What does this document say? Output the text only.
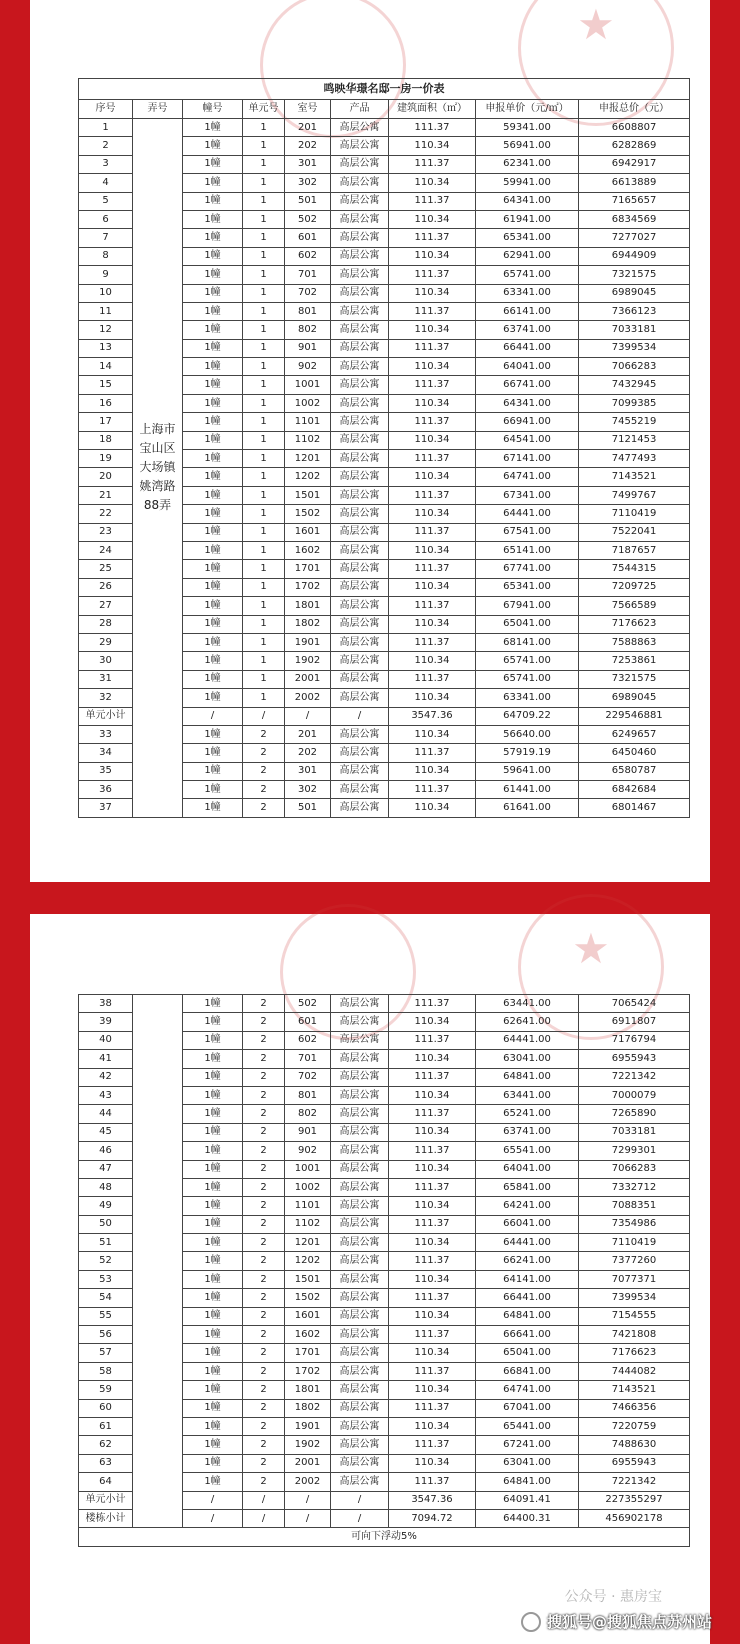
★
鸣映华璟名邸一房一价表								
序号	弄号	幢号	单元号	室号	产品	建筑面积（㎡）	申报单价（元/㎡）	申报总价（元）
1	上海市宝山区大场镇姚湾路88弄	1幢	1	201	高层公寓	111.37	59341.00	6608807
2		1幢	1	202	高层公寓	110.34	56941.00	6282869
3		1幢	1	301	高层公寓	111.37	62341.00	6942917
4		1幢	1	302	高层公寓	110.34	59941.00	6613889
5		1幢	1	501	高层公寓	111.37	64341.00	7165657
6		1幢	1	502	高层公寓	110.34	61941.00	6834569
7		1幢	1	601	高层公寓	111.37	65341.00	7277027
8		1幢	1	602	高层公寓	110.34	62941.00	6944909
9		1幢	1	701	高层公寓	111.37	65741.00	7321575
10		1幢	1	702	高层公寓	110.34	63341.00	6989045
11		1幢	1	801	高层公寓	111.37	66141.00	7366123
12		1幢	1	802	高层公寓	110.34	63741.00	7033181
13		1幢	1	901	高层公寓	111.37	66441.00	7399534
14		1幢	1	902	高层公寓	110.34	64041.00	7066283
15		1幢	1	1001	高层公寓	111.37	66741.00	7432945
16		1幢	1	1002	高层公寓	110.34	64341.00	7099385
17		1幢	1	1101	高层公寓	111.37	66941.00	7455219
18		1幢	1	1102	高层公寓	110.34	64541.00	7121453
19		1幢	1	1201	高层公寓	111.37	67141.00	7477493
20		1幢	1	1202	高层公寓	110.34	64741.00	7143521
21		1幢	1	1501	高层公寓	111.37	67341.00	7499767
22		1幢	1	1502	高层公寓	110.34	64441.00	7110419
23		1幢	1	1601	高层公寓	111.37	67541.00	7522041
24		1幢	1	1602	高层公寓	110.34	65141.00	7187657
25		1幢	1	1701	高层公寓	111.37	67741.00	7544315
26		1幢	1	1702	高层公寓	110.34	65341.00	7209725
27		1幢	1	1801	高层公寓	111.37	67941.00	7566589
28		1幢	1	1802	高层公寓	110.34	65041.00	7176623
29		1幢	1	1901	高层公寓	111.37	68141.00	7588863
30		1幢	1	1902	高层公寓	110.34	65741.00	7253861
31		1幢	1	2001	高层公寓	111.37	65741.00	7321575
32		1幢	1	2002	高层公寓	110.34	63341.00	6989045
单元小计		/	/	/	/	3547.36	64709.22	229546881
33		1幢	2	201	高层公寓	110.34	56640.00	6249657
34		1幢	2	202	高层公寓	111.37	57919.19	6450460
35		1幢	2	301	高层公寓	110.34	59641.00	6580787
36		1幢	2	302	高层公寓	111.37	61441.00	6842684
37		1幢	2	501	高层公寓	110.34	61641.00	6801467
★
38		1幢	2	502	高层公寓	111.37	63441.00	7065424
39		1幢	2	601	高层公寓	110.34	62641.00	6911807
40		1幢	2	602	高层公寓	111.37	64441.00	7176794
41		1幢	2	701	高层公寓	110.34	63041.00	6955943
42		1幢	2	702	高层公寓	111.37	64841.00	7221342
43		1幢	2	801	高层公寓	110.34	63441.00	7000079
44		1幢	2	802	高层公寓	111.37	65241.00	7265890
45		1幢	2	901	高层公寓	110.34	63741.00	7033181
46		1幢	2	902	高层公寓	111.37	65541.00	7299301
47		1幢	2	1001	高层公寓	110.34	64041.00	7066283
48		1幢	2	1002	高层公寓	111.37	65841.00	7332712
49		1幢	2	1101	高层公寓	110.34	64241.00	7088351
50		1幢	2	1102	高层公寓	111.37	66041.00	7354986
51		1幢	2	1201	高层公寓	110.34	64441.00	7110419
52		1幢	2	1202	高层公寓	111.37	66241.00	7377260
53		1幢	2	1501	高层公寓	110.34	64141.00	7077371
54		1幢	2	1502	高层公寓	111.37	66441.00	7399534
55		1幢	2	1601	高层公寓	110.34	64841.00	7154555
56		1幢	2	1602	高层公寓	111.37	66641.00	7421808
57		1幢	2	1701	高层公寓	110.34	65041.00	7176623
58		1幢	2	1702	高层公寓	111.37	66841.00	7444082
59		1幢	2	1801	高层公寓	110.34	64741.00	7143521
60		1幢	2	1802	高层公寓	111.37	67041.00	7466356
61		1幢	2	1901	高层公寓	110.34	65441.00	7220759
62		1幢	2	1902	高层公寓	111.37	67241.00	7488630
63		1幢	2	2001	高层公寓	110.34	63041.00	6955943
64		1幢	2	2002	高层公寓	111.37	64841.00	7221342
单元小计		/	/	/	/	3547.36	64091.41	227355297
楼栋小计		/	/	/	/	7094.72	64400.31	456902178
可向下浮动5%								
公众号 · 惠房宝
搜狐号@搜狐焦点苏州站
